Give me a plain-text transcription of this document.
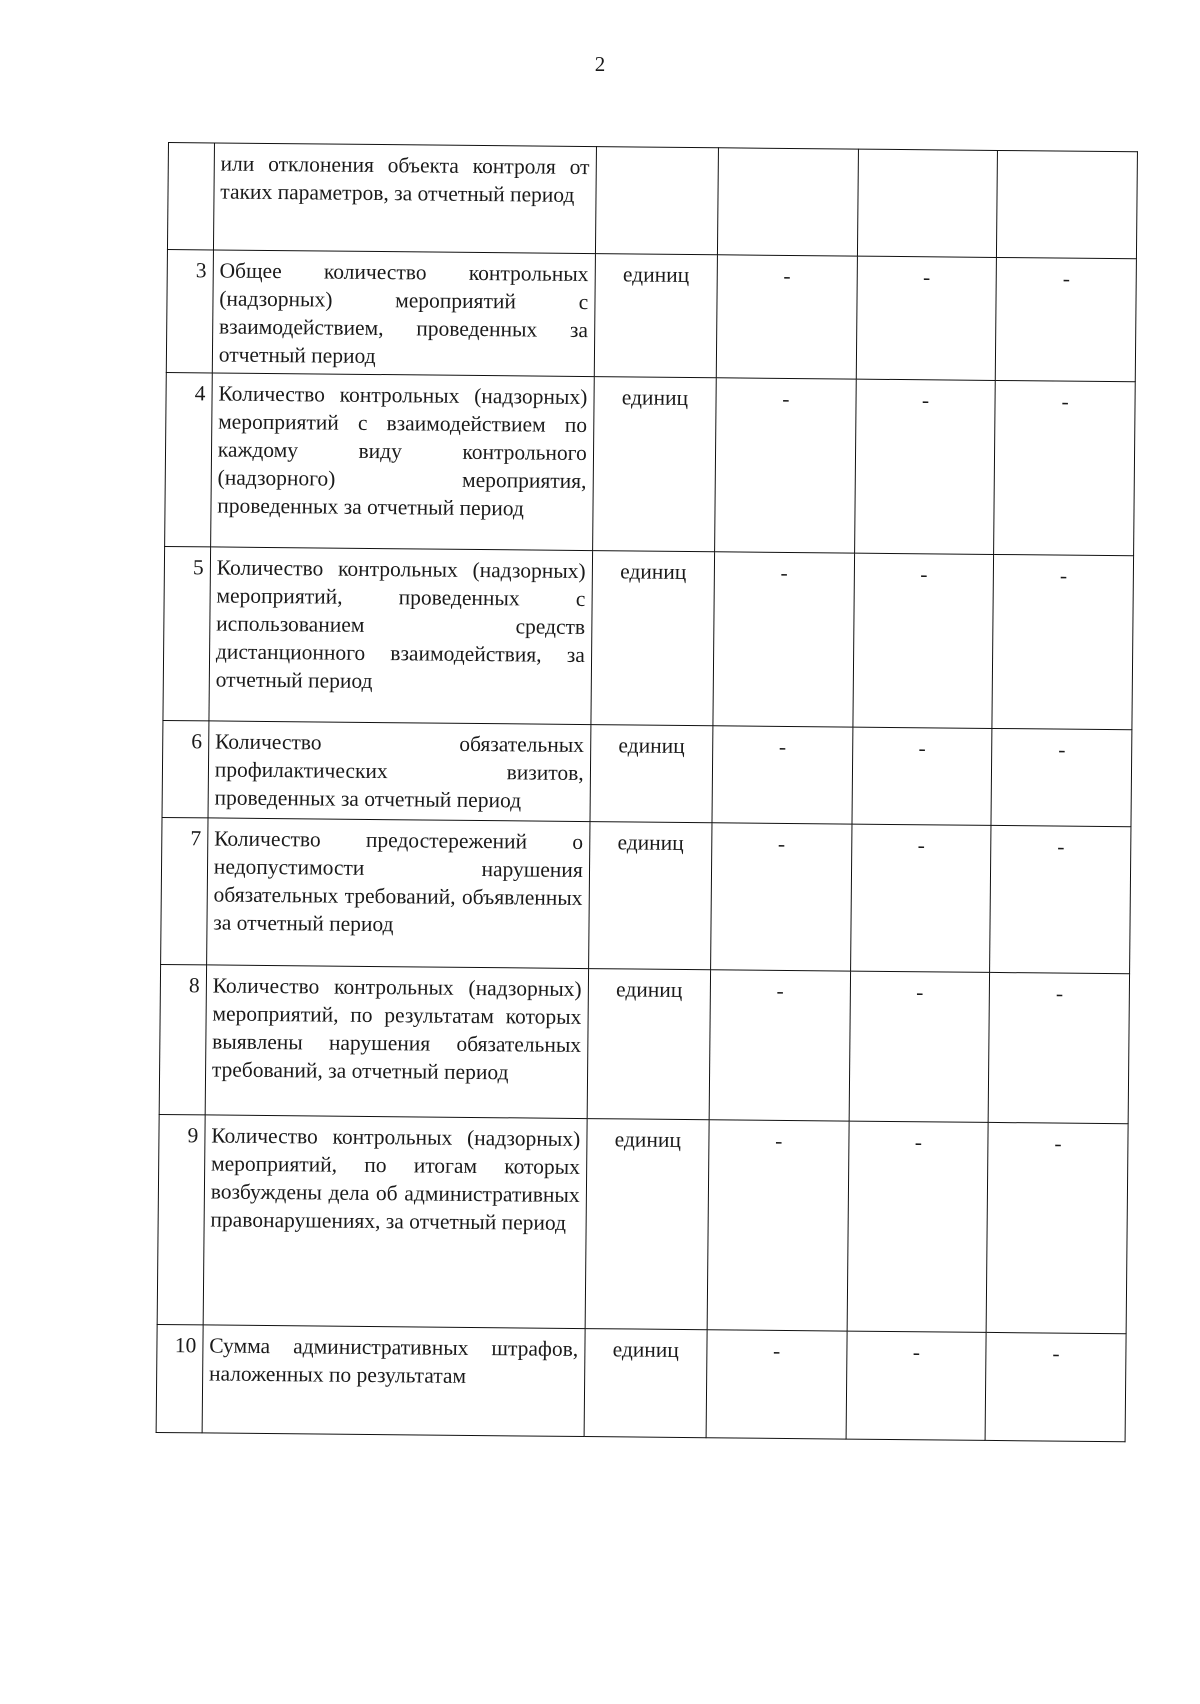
2
	или отклонения объекта контроля от таких параметров, за отчетный период				
3	Общее количество контрольных (надзорных) мероприятий с взаимодействием, проведенных за отчетный период	единиц	-	-	-
4	Количество контрольных (надзорных) мероприятий с взаимодействием по каждому виду контрольного (надзорного) мероприятия, проведенных за отчетный период	единиц	-	-	-
5	Количество контрольных (надзорных) мероприятий, проведенных с использованием средств дистанционного взаимодействия, за отчетный период	единиц	-	-	-
6	Количество обязательных профилактических визитов, проведенных за отчетный период	единиц	-	-	-
7	Количество предостережений о недопустимости нарушения обязательных требований, объявленных за отчетный период	единиц	-	-	-
8	Количество контрольных (надзорных) мероприятий, по результатам которых выявлены нарушения обязательных требований, за отчетный период	единиц	-	-	-
9	Количество контрольных (надзорных) мероприятий, по итогам которых возбуждены дела об административных правонарушениях, за отчетный период	единиц	-	-	-
10	Сумма административных штрафов, наложенных по результатам	единиц	-	-	-
